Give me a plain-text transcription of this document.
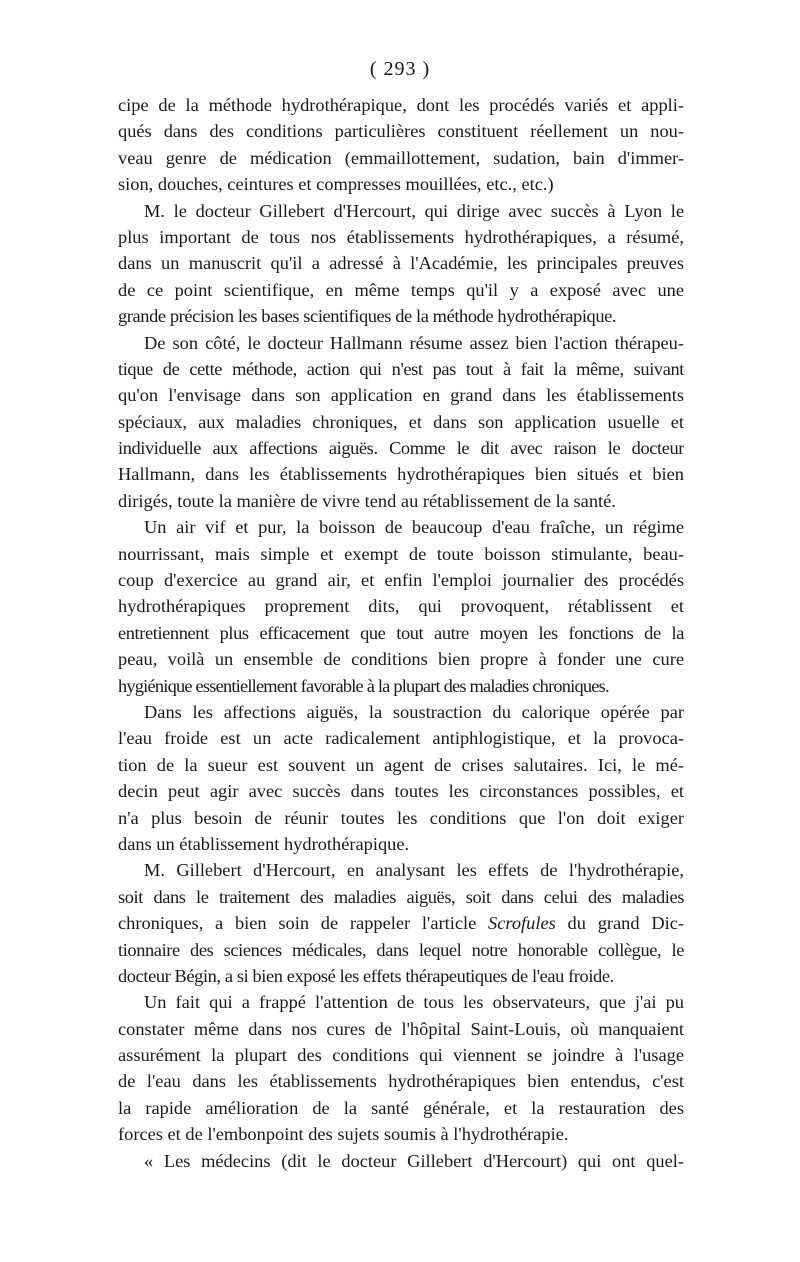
( 293 )
cipe de la méthode hydrothérapique, dont les procédés variés et appli-
qués dans des conditions particulières constituent réellement un nou-
veau genre de médication (emmaillottement, sudation, bain d'immer-
sion, douches, ceintures et compresses mouillées, etc., etc.)
M. le docteur Gillebert d'Hercourt, qui dirige avec succès à Lyon le
plus important de tous nos établissements hydrothérapiques, a résumé,
dans un manuscrit qu'il a adressé à l'Académie, les principales preuves
de ce point scientifique, en même temps qu'il y a exposé avec une
grande précision les bases scientifiques de la méthode hydrothérapique.
De son côté, le docteur Hallmann résume assez bien l'action thérapeu-
tique de cette méthode, action qui n'est pas tout à fait la même, suivant
qu'on l'envisage dans son application en grand dans les établissements
spéciaux, aux maladies chroniques, et dans son application usuelle et
individuelle aux affections aiguës. Comme le dit avec raison le docteur
Hallmann, dans les établissements hydrothérapiques bien situés et bien
dirigés, toute la manière de vivre tend au rétablissement de la santé.
Un air vif et pur, la boisson de beaucoup d'eau fraîche, un régime
nourrissant, mais simple et exempt de toute boisson stimulante, beau-
coup d'exercice au grand air, et enfin l'emploi journalier des procédés
hydrothérapiques proprement dits, qui provoquent, rétablissent et
entretiennent plus efficacement que tout autre moyen les fonctions de la
peau, voilà un ensemble de conditions bien propre à fonder une cure
hygiénique essentiellement favorable à la plupart des maladies chroniques.
Dans les affections aiguës, la soustraction du calorique opérée par
l'eau froide est un acte radicalement antiphlogistique, et la provoca-
tion de la sueur est souvent un agent de crises salutaires. Ici, le mé-
decin peut agir avec succès dans toutes les circonstances possibles, et
n'a plus besoin de réunir toutes les conditions que l'on doit exiger
dans un établissement hydrothérapique.
M. Gillebert d'Hercourt, en analysant les effets de l'hydrothérapie,
soit dans le traitement des maladies aiguës, soit dans celui des maladies
chroniques, a bien soin de rappeler l'article Scrofules du grand Dic-
tionnaire des sciences médicales, dans lequel notre honorable collègue, le
docteur Bégin, a si bien exposé les effets thérapeutiques de l'eau froide.
Un fait qui a frappé l'attention de tous les observateurs, que j'ai pu
constater même dans nos cures de l'hôpital Saint-Louis, où manquaient
assurément la plupart des conditions qui viennent se joindre à l'usage
de l'eau dans les établissements hydrothérapiques bien entendus, c'est
la rapide amélioration de la santé générale, et la restauration des
forces et de l'embonpoint des sujets soumis à l'hydrothérapie.
« Les médecins (dit le docteur Gillebert d'Hercourt) qui ont quel-
